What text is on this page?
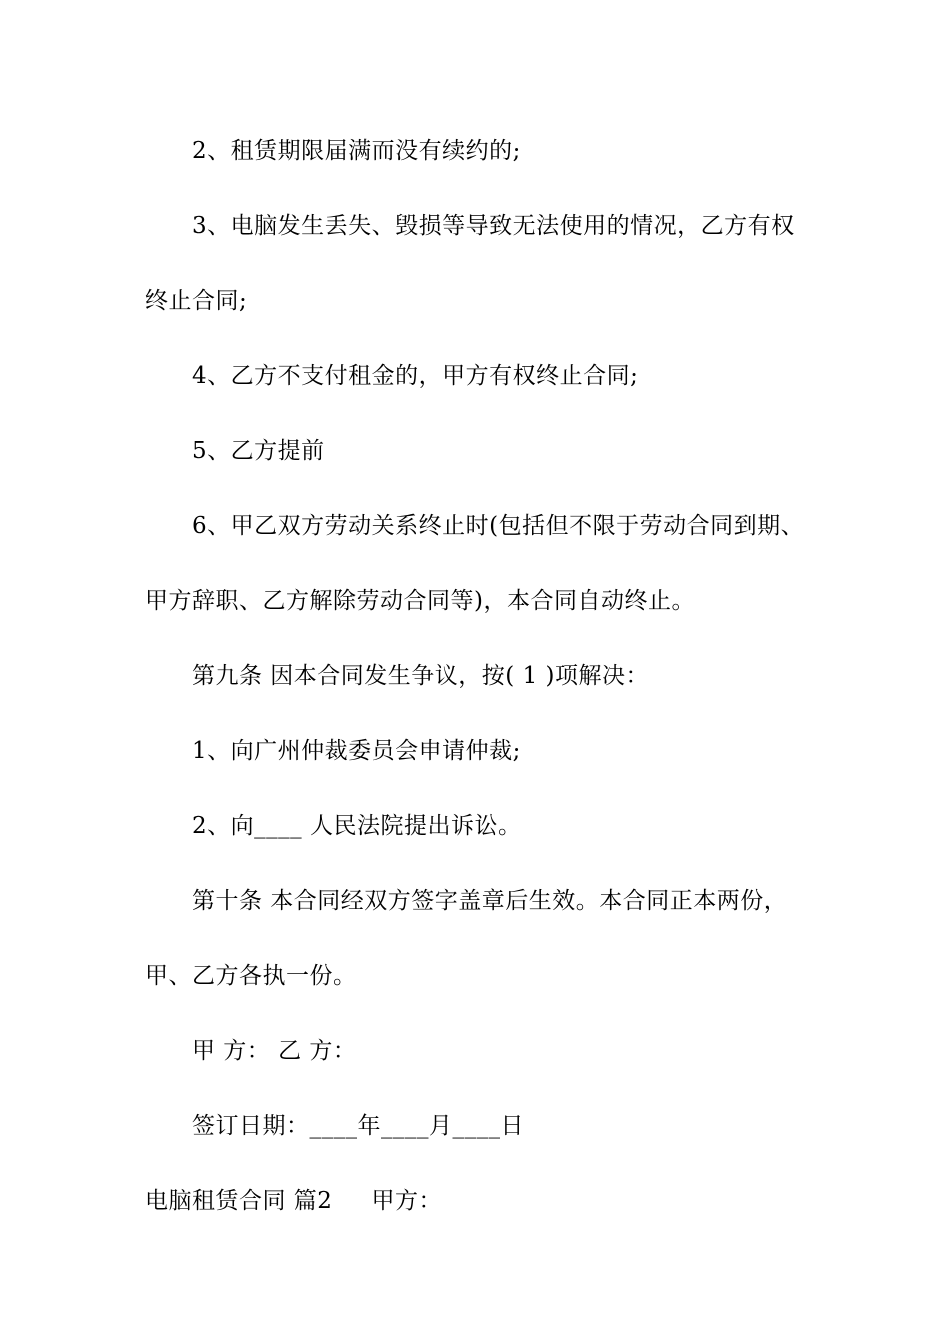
2、租赁期限届满而没有续约的;
3、电脑发生丢失、毁损等导致无法使用的情况，乙方有权
终止合同;
4、乙方不支付租金的，甲方有权终止合同;
5、乙方提前
6、甲乙双方劳动关系终止时(包括但不限于劳动合同到期、
甲方辞职、乙方解除劳动合同等)，本合同自动终止。
第九条 因本合同发生争议，按( 1 )项解决：
1、向广州仲裁委员会申请仲裁;
2、向____ 人民法院提出诉讼。
第十条 本合同经双方签字盖章后生效。本合同正本两份，
甲、乙方各执一份。
甲 方： 乙 方：
签订日期：____年____月____日
电脑租赁合同 篇2     甲方：
